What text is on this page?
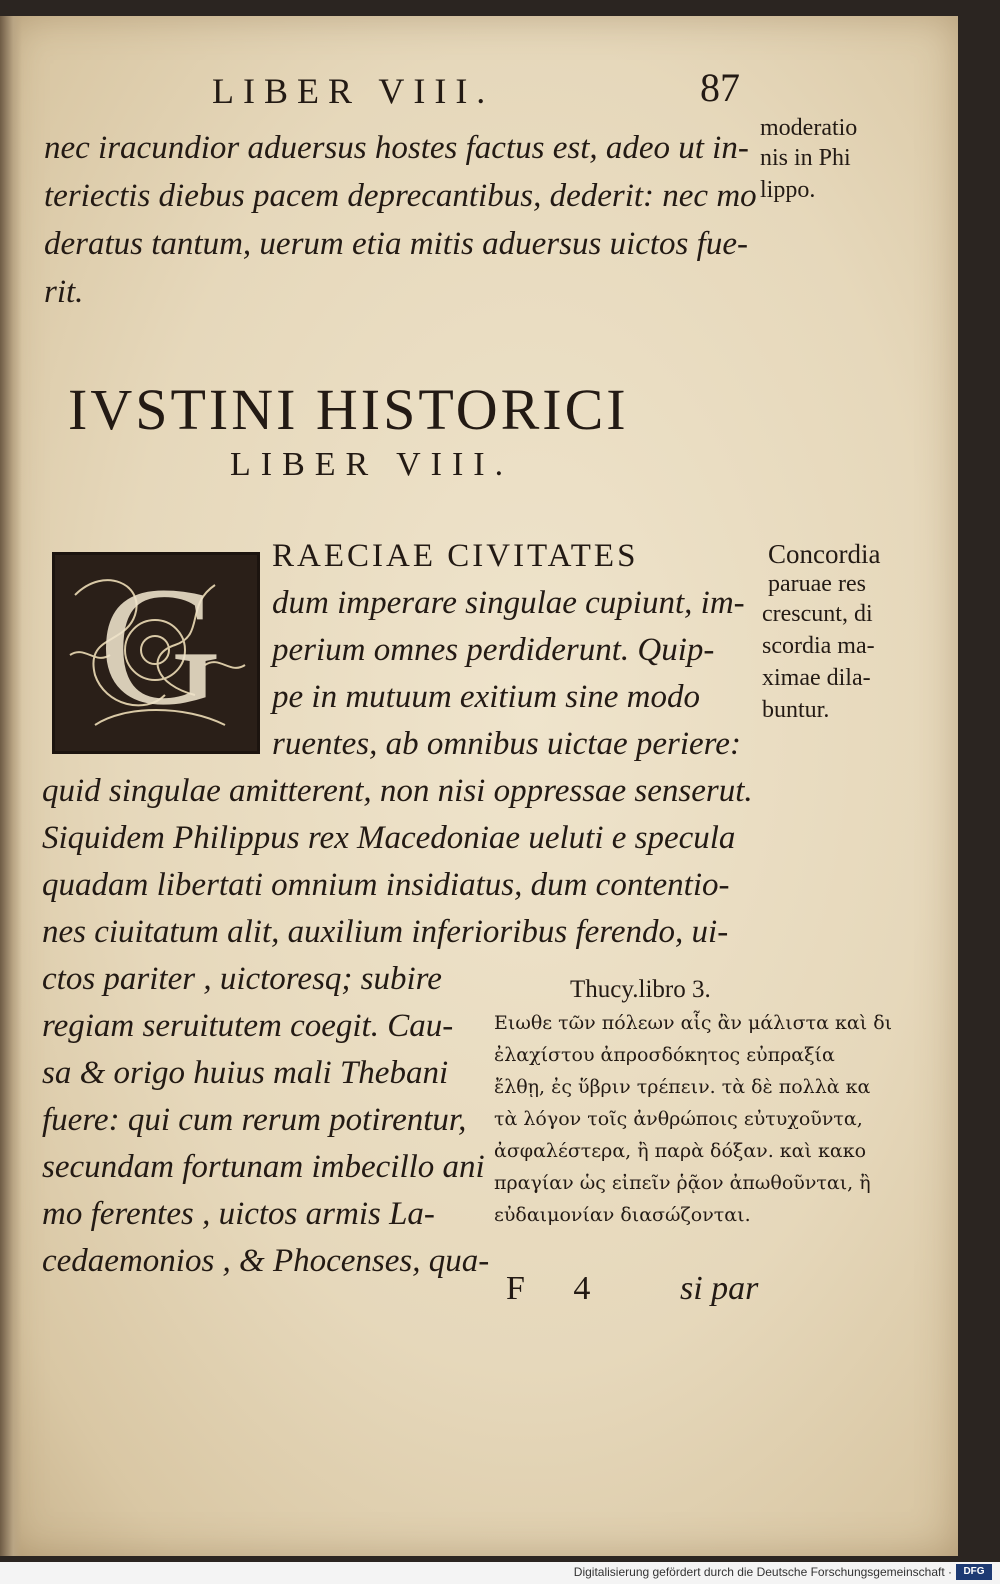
LIBER VIII.	87
nec iracundior aduersus hostes factus est, adeo ut in-
teriectis diebus pacem deprecantibus, dederit: nec mo
deratus tantum, uerum etia mitis aduersus uictos fue-
rit.
moderatio
nis in Phi
lippo.
IVSTINI HISTORICI
LIBER VIII.
G RAECIAE CIVITATES
dum imperare singulae cupiunt, im-
perium omnes perdiderunt. Quip-
pe in mutuum exitium sine modo
ruentes, ab omnibus uictae periere:
quid singulae amitterent, non nisi oppressae senserut.
Siquidem Philippus rex Macedoniae ueluti e specula
quadam libertati omnium insidiatus, dum contentio-
nes ciuitatum alit, auxilium inferioribus ferendo, ui-
ctos pariter , uictoresq; subire
regiam seruitutem coegit. Cau-
sa & origo huius mali Thebani
fuere: qui cum rerum potirentur,
secundam fortunam imbecillo ani
mo ferentes , uictos armis La-
cedaemonios , & Phocenses, qua-
Concordia
paruae res
crescunt, di
scordia ma-
ximae dila-
buntur.
Thucy.libro 3.
Ειωθε τῶν πόλεων αἷς ἂν μάλιστα καὶ δι
ἐλαχίστου ἀπροσδόκητος εὐπραξία
ἔλθῃ, ἐς ὕβριν τρέπειν. τὰ δὲ πολλὰ κα
τὰ λόγον τοῖς ἀνθρώποις εὐτυχοῦντα,
ἀσφαλέστερα, ἢ παρὰ δόξαν. καὶ κακο
πραγίαν ὡς εἰπεῖν ῥᾷον ἀπωθοῦνται, ἢ
εὐδαιμονίαν διασώζονται.
F 4	si par
Digitalisierung gefördert durch die Deutsche Forschungsgemeinschaft ·	DFG
